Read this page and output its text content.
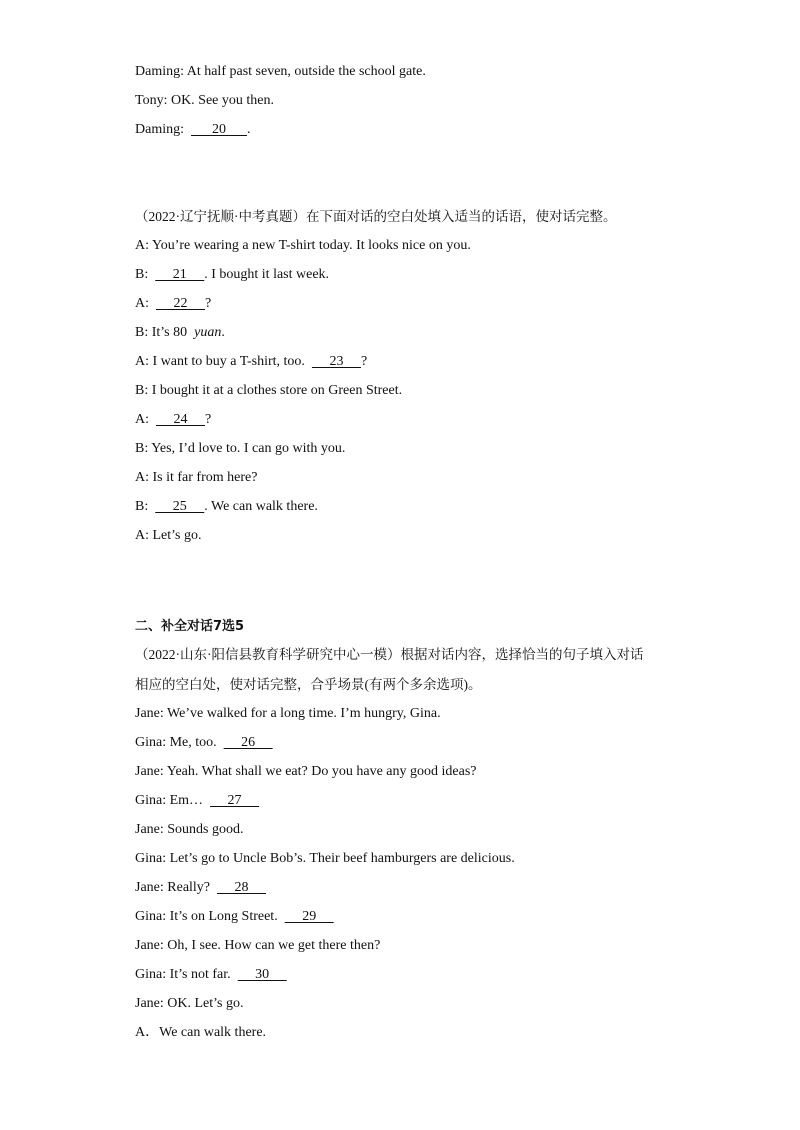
Daming: At half past seven, outside the school gate.
Tony: OK. See you then.
Daming:        20      .
（2022·辽宁抚顺·中考真题）在下面对话的空白处填入适当的话语，使对话完整。
A: You’re wearing a new T-shirt today. It looks nice on you.
B:       21     . I bought it last week.
A:       22     ?
B: It’s 80  yuan.
A: I want to buy a T-shirt, too.       23     ?
B: I bought it at a clothes store on Green Street.
A:       24     ?
B: Yes, I’d love to. I can go with you.
A: Is it far from here?
B:       25     . We can walk there.
A: Let’s go.
二、补全对话7选5
（2022·山东·阳信县教育科学研究中心一模）根据对话内容，选择恰当的句子填入对话
相应的空白处，使对话完整，合乎场景(有两个多余选项)。
Jane: We’ve walked for a long time. I’m hungry, Gina.
Gina: Me, too.       26
Jane: Yeah. What shall we eat? Do you have any good ideas?
Gina: Em…       27
Jane: Sounds good.
Gina: Let’s go to Uncle Bob’s. Their beef hamburgers are delicious.
Jane: Really?       28
Gina: It’s on Long Street.       29
Jane: Oh, I see. How can we get there then?
Gina: It’s not far.       30
Jane: OK. Let’s go.
A．We can walk there.
